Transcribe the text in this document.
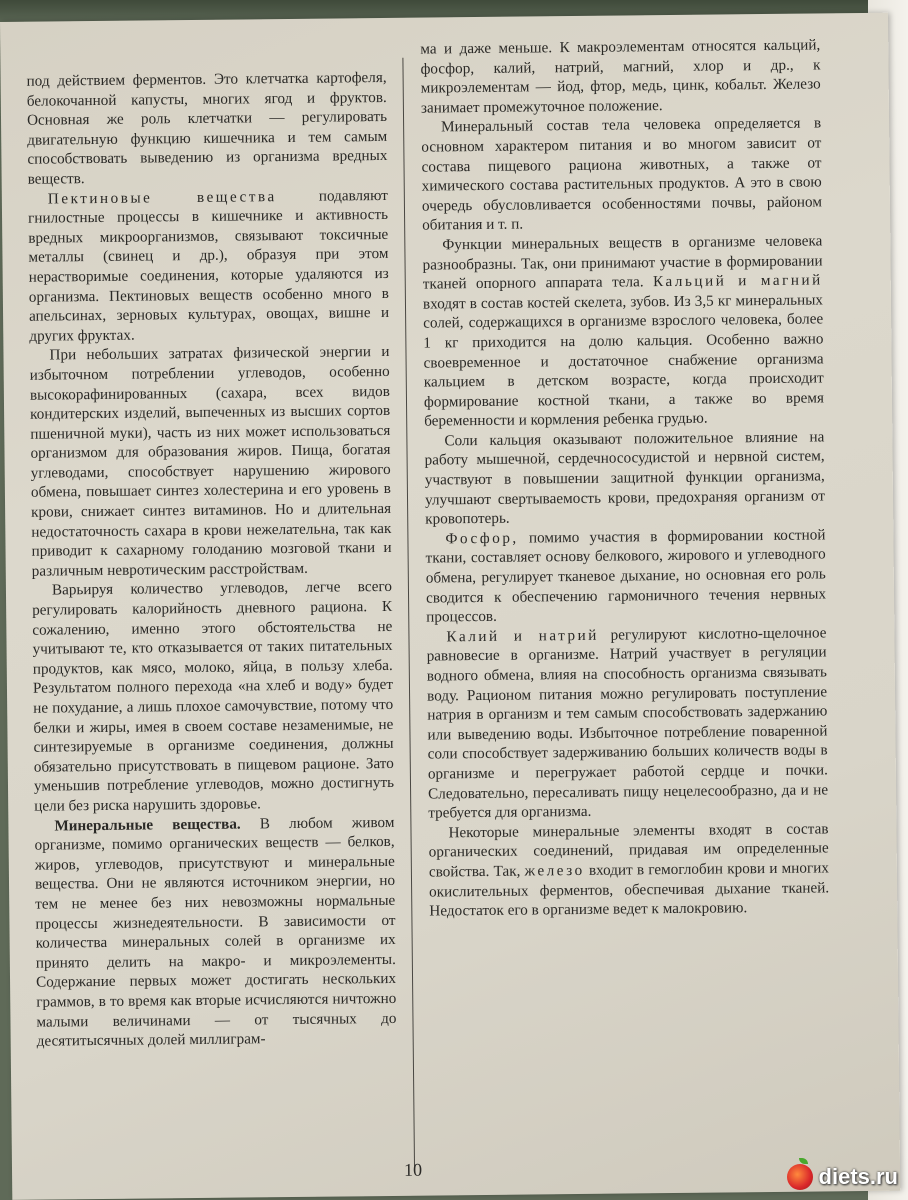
под действием ферментов. Это клетчатка картофеля, белокочанной капусты, многих ягод и фруктов. Основная же роль клетчатки — регулировать двигательную функцию кишечника и тем самым способствовать выведению из организма вредных веществ.

Пектиновые вещества подавляют гнилостные процессы в кишечнике и активность вредных микроорганизмов, связывают токсичные металлы (свинец и др.), образуя при этом нерастворимые соединения, которые удаляются из организма. Пектиновых веществ особенно много в апельсинах, зерновых культурах, овощах, вишне и других фруктах.

При небольших затратах физической энергии и избыточном потреблении углеводов, особенно высокорафинированных (сахара, всех видов кондитерских изделий, выпеченных из высших сортов пшеничной муки), часть из них может использоваться организмом для образования жиров. Пища, богатая углеводами, способствует нарушению жирового обмена, повышает синтез холестерина и его уровень в крови, снижает синтез витаминов. Но и длительная недостаточность сахара в крови нежелательна, так как приводит к сахарному голоданию мозговой ткани и различным невротическим расстройствам.

Варьируя количество углеводов, легче всего регулировать калорийность дневного рациона. К сожалению, именно этого обстоятельства не учитывают те, кто отказывается от таких питательных продуктов, как мясо, молоко, яйца, в пользу хлеба. Результатом полного перехода «на хлеб и воду» будет не похудание, а лишь плохое самочувствие, потому что белки и жиры, имея в своем составе незаменимые, не синтезируемые в организме соединения, должны обязательно присутствовать в пищевом рационе. Зато уменьшив потребление углеводов, можно достигнуть цели без риска нарушить здоровье.

Минеральные вещества. В любом живом организме, помимо органических веществ — белков, жиров, углеводов, присутствуют и минеральные вещества. Они не являются источником энергии, но тем не менее без них невозможны нормальные процессы жизнедеятельности. В зависимости от количества минеральных солей в организме их принято делить на макро- и микроэлементы. Содержание первых может достигать нескольких граммов, в то время как вторые исчисляются ничтожно малыми величинами — от тысячных до десятитысячных долей миллиграм-

ма и даже меньше. К макроэлементам относятся кальций, фосфор, калий, натрий, магний, хлор и др., к микроэлементам — йод, фтор, медь, цинк, кобальт. Железо занимает промежуточное положение.

Минеральный состав тела человека определяется в основном характером питания и во многом зависит от состава пищевого рациона животных, а также от химического состава растительных продуктов. А это в свою очередь обусловливается особенностями почвы, районом обитания и т. п.

Функции минеральных веществ в организме человека разнообразны. Так, они принимают участие в формировании ткaней опорного аппарата тела. Кальций и магний входят в состав костей скелета, зубов. Из 3,5 кг минеральных солей, содержащихся в организме взрослого человека, более 1 кг приходится на долю кальция. Особенно важно своевременное и достаточное снабжение организма кальцием в детском возрасте, когда происходит формирование костной ткани, а также во время беременности и кормления ребенка грудью.

Соли кальция оказывают положительное влияние на работу мышечной, сердечнососудистой и нервной систем, участвуют в повышении защитной функции организма, улучшают свертываемость крови, предохраняя организм от кровопотерь.

Фосфор, помимо участия в формировании костной ткани, составляет основу белкового, жирового и углеводного обмена, регулирует тканевое дыхание, но основная его роль сводится к обеспечению гармоничного течения нервных процессов.

Калий и натрий регулируют кислотно-щелочное равновесие в организме. Натрий участвует в регуляции водного обмена, влияя на способность организма связывать воду. Рационом питания можно регулировать поступление натрия в организм и тем самым способствовать задержанию или выведению воды. Избыточное потребление поваренной соли способствует задерживанию больших количеств воды в организме и перегружает работой сердце и почки. Следовательно, пересаливать пищу нецелесообразно, да и не требуется для организма.

Некоторые минеральные элементы входят в состав органических соединений, придавая им определенные свойства. Так, железо входит в гемоглобин крови и многих окислительных ферментов, обеспечивая дыхание тканей. Недостаток его в организме ведет к малокровию.

10	diets.ru
